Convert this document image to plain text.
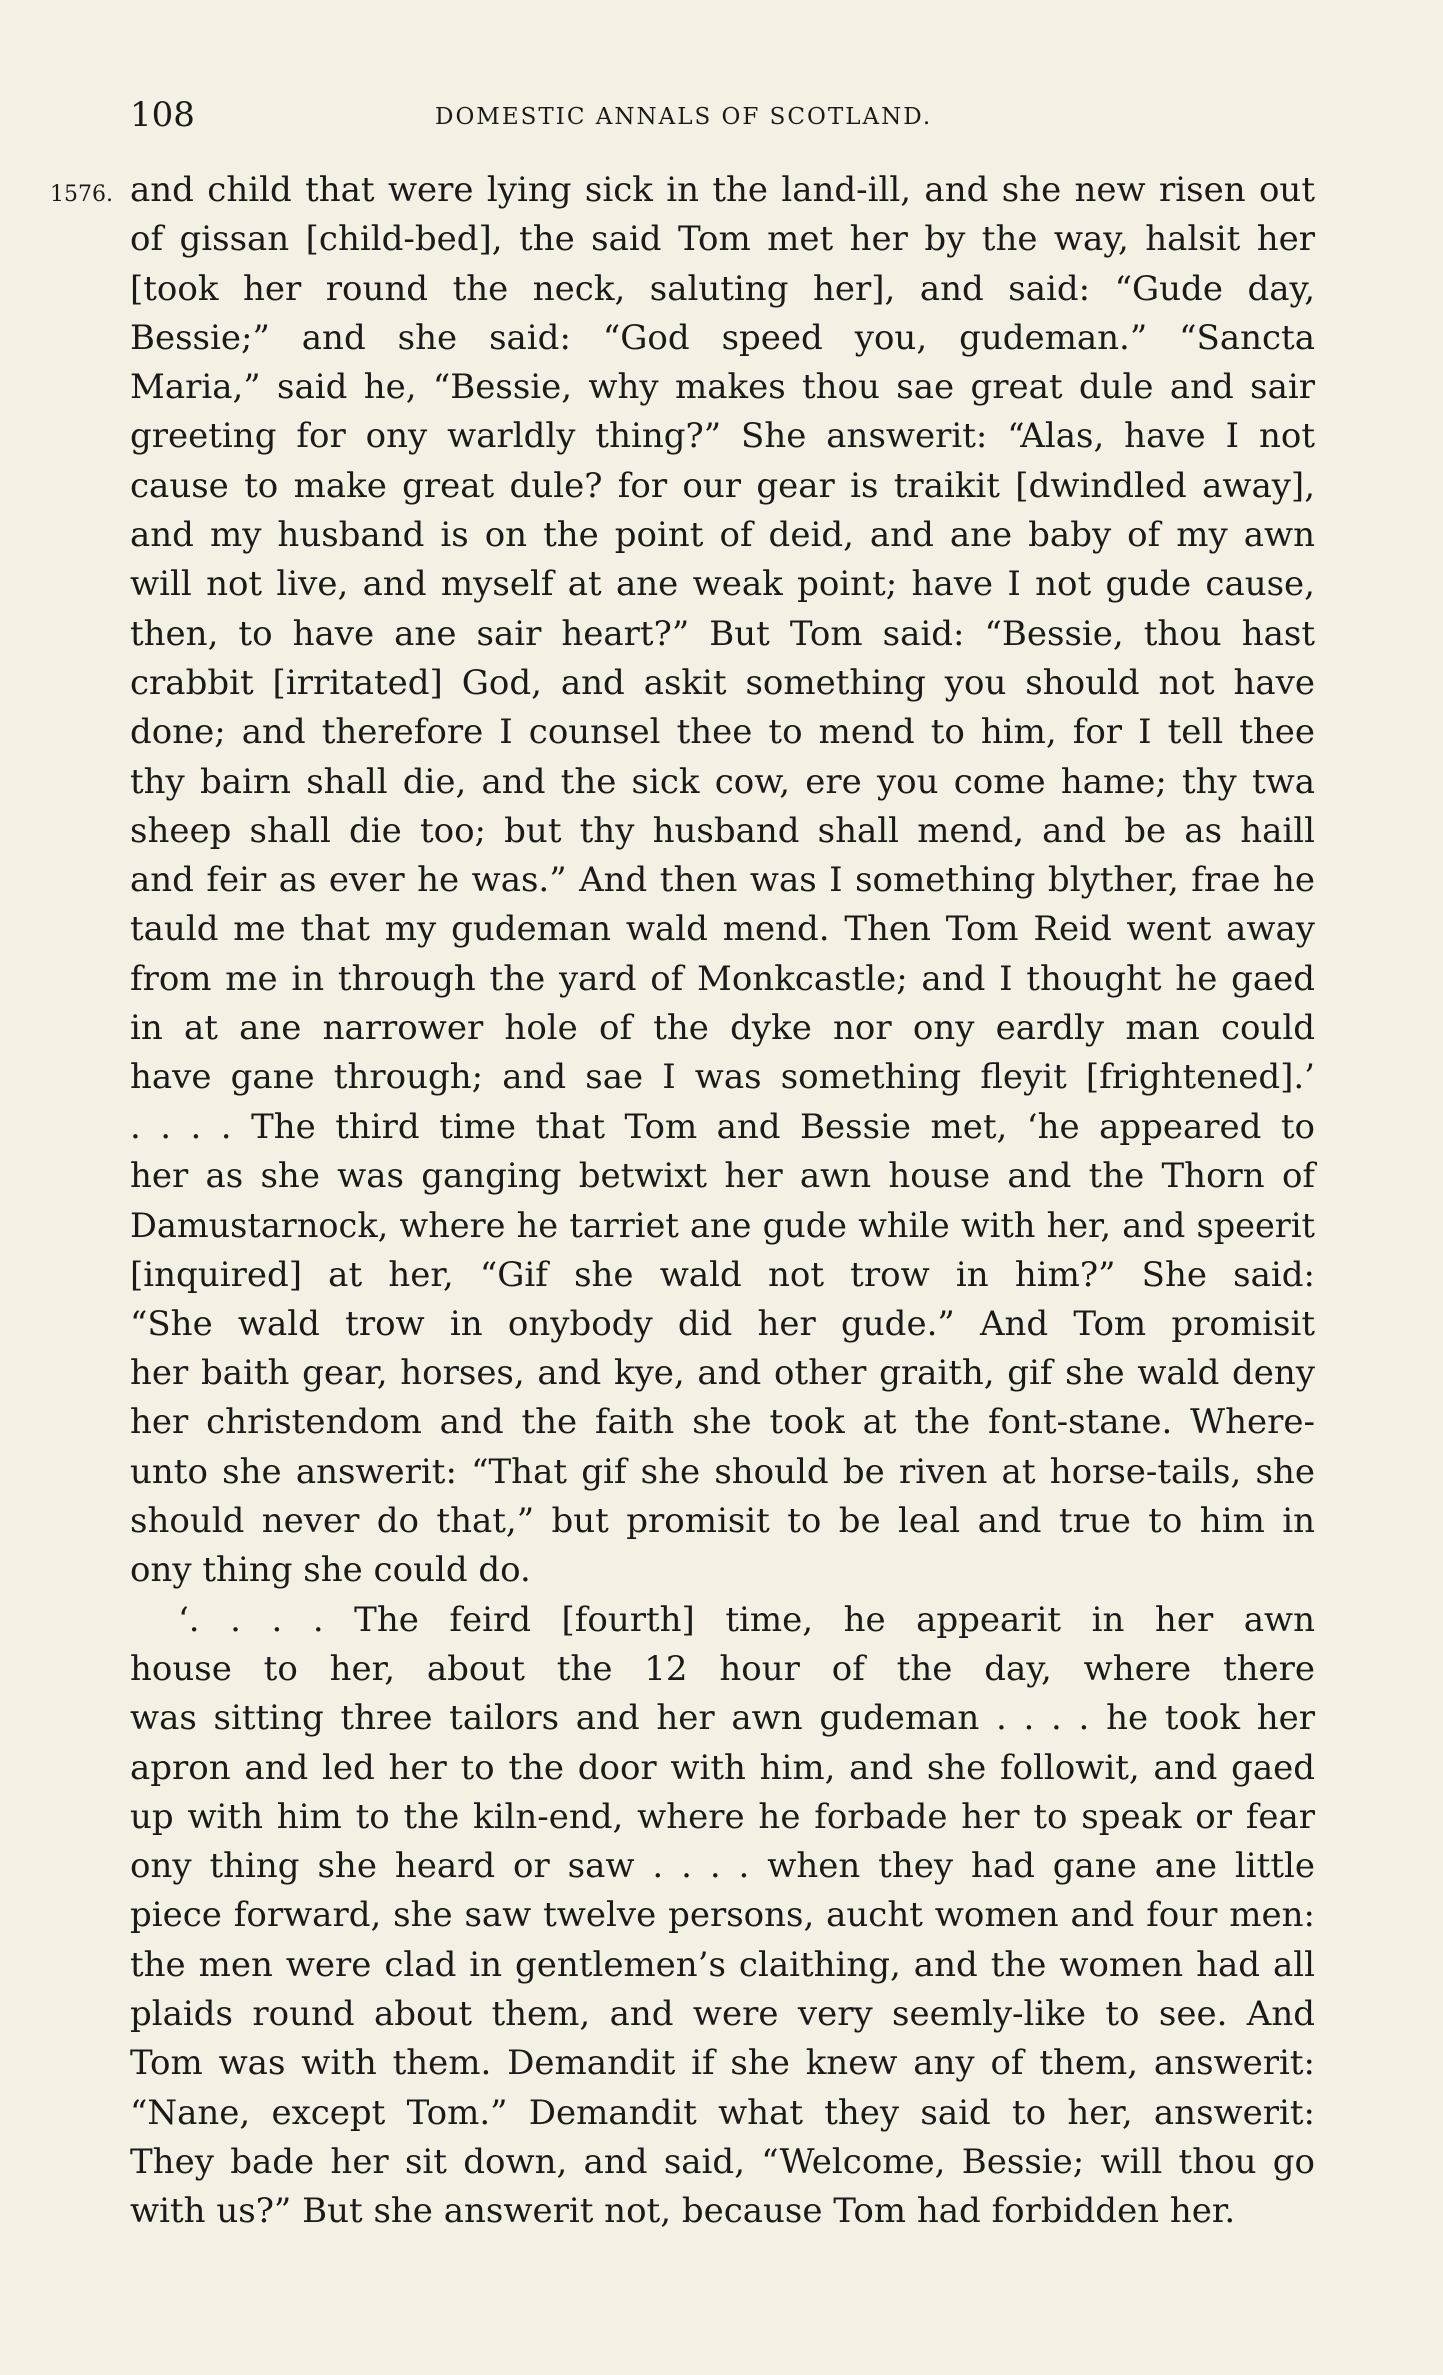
108	DOMESTIC ANNALS OF SCOTLAND.
1576. and child that were lying sick in the land-ill, and she new risen out
of gissan [child-bed], the said Tom met her by the way, halsit her
[took her round the neck, saluting her], and said: “Gude day,
Bessie;” and she said: “God speed you, gudeman.” “Sancta
Maria,” said he, “Bessie, why makes thou sae great dule and sair
greeting for ony warldly thing?” She answerit: “Alas, have I not
cause to make great dule? for our gear is traikit [dwindled away],
and my husband is on the point of deid, and ane baby of my awn
will not live, and myself at ane weak point; have I not gude cause,
then, to have ane sair heart?” But Tom said: “Bessie, thou hast
crabbit [irritated] God, and askit something you should not have
done; and therefore I counsel thee to mend to him, for I tell thee
thy bairn shall die, and the sick cow, ere you come hame; thy twa
sheep shall die too; but thy husband shall mend, and be as haill
and feir as ever he was.” And then was I something blyther, frae he
tauld me that my gudeman wald mend. Then Tom Reid went away
from me in through the yard of Monkcastle; and I thought he gaed
in at ane narrower hole of the dyke nor ony eardly man could
have gane through; and sae I was something fleyit [frightened].’
. . . . The third time that Tom and Bessie met, ‘he appeared to
her as she was ganging betwixt her awn house and the Thorn of
Damustarnock, where he tarriet ane gude while with her, and speerit
[inquired] at her, “Gif she wald not trow in him?” She said:
“She wald trow in onybody did her gude.” And Tom promisit
her baith gear, horses, and kye, and other graith, gif she wald deny
her christendom and the faith she took at the font-stane. Where-
unto she answerit: “That gif she should be riven at horse-tails, she
should never do that,” but promisit to be leal and true to him in
ony thing she could do.
‘. . . . The feird [fourth] time, he appearit in her awn
house to her, about the 12 hour of the day, where there
was sitting three tailors and her awn gudeman . . . . he took her
apron and led her to the door with him, and she followit, and gaed
up with him to the kiln-end, where he forbade her to speak or fear
ony thing she heard or saw . . . . when they had gane ane little
piece forward, she saw twelve persons, aucht women and four men:
the men were clad in gentlemen’s claithing, and the women had all
plaids round about them, and were very seemly-like to see. And
Tom was with them. Demandit if she knew any of them, answerit:
“Nane, except Tom.” Demandit what they said to her, answerit:
They bade her sit down, and said, “Welcome, Bessie; will thou go
with us?” But she answerit not, because Tom had forbidden her.
